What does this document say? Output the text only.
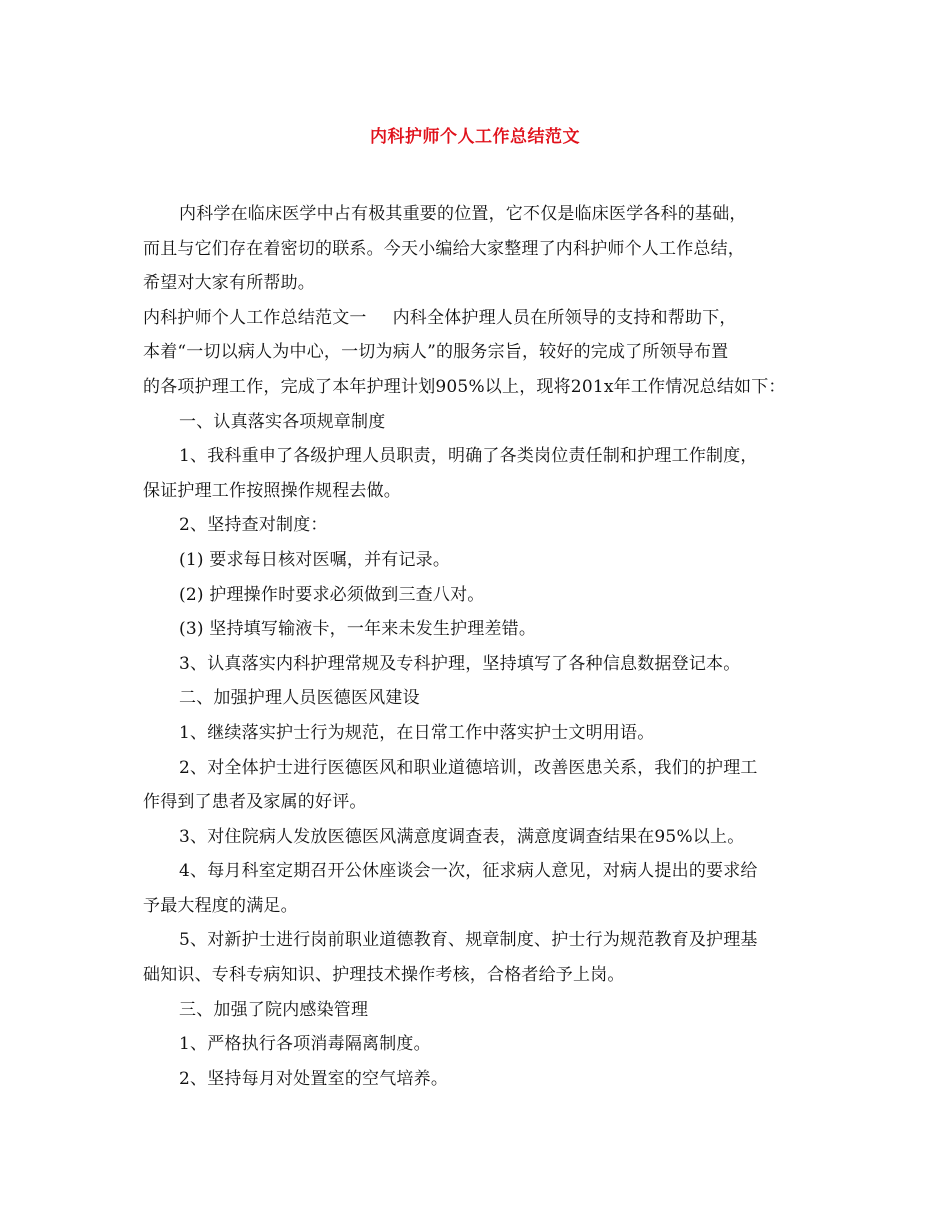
内科护师个人工作总结范文
内科学在临床医学中占有极其重要的位置，它不仅是临床医学各科的基础，
而且与它们存在着密切的联系。今天小编给大家整理了内科护师个人工作总结，
希望对大家有所帮助。
内科护师个人工作总结范文一 内科全体护理人员在所领导的支持和帮助下，
本着“一切以病人为中心，一切为病人”的服务宗旨，较好的完成了所领导布置
的各项护理工作，完成了本年护理计划905%以上，现将201x年工作情况总结如下：
一、认真落实各项规章制度
1、我科重申了各级护理人员职责，明确了各类岗位责任制和护理工作制度，
保证护理工作按照操作规程去做。
2、坚持查对制度：
(1) 要求每日核对医嘱，并有记录。
(2) 护理操作时要求必须做到三查八对。
(3) 坚持填写输液卡，一年来未发生护理差错。
3、认真落实内科护理常规及专科护理，坚持填写了各种信息数据登记本。
二、加强护理人员医德医风建设
1、继续落实护士行为规范，在日常工作中落实护士文明用语。
2、对全体护士进行医德医风和职业道德培训，改善医患关系，我们的护理工
作得到了患者及家属的好评。
3、对住院病人发放医德医风满意度调查表，满意度调查结果在95%以上。
4、每月科室定期召开公休座谈会一次，征求病人意见，对病人提出的要求给
予最大程度的满足。
5、对新护士进行岗前职业道德教育、规章制度、护士行为规范教育及护理基
础知识、专科专病知识、护理技术操作考核，合格者给予上岗。
三、加强了院内感染管理
1、严格执行各项消毒隔离制度。
2、坚持每月对处置室的空气培养。
